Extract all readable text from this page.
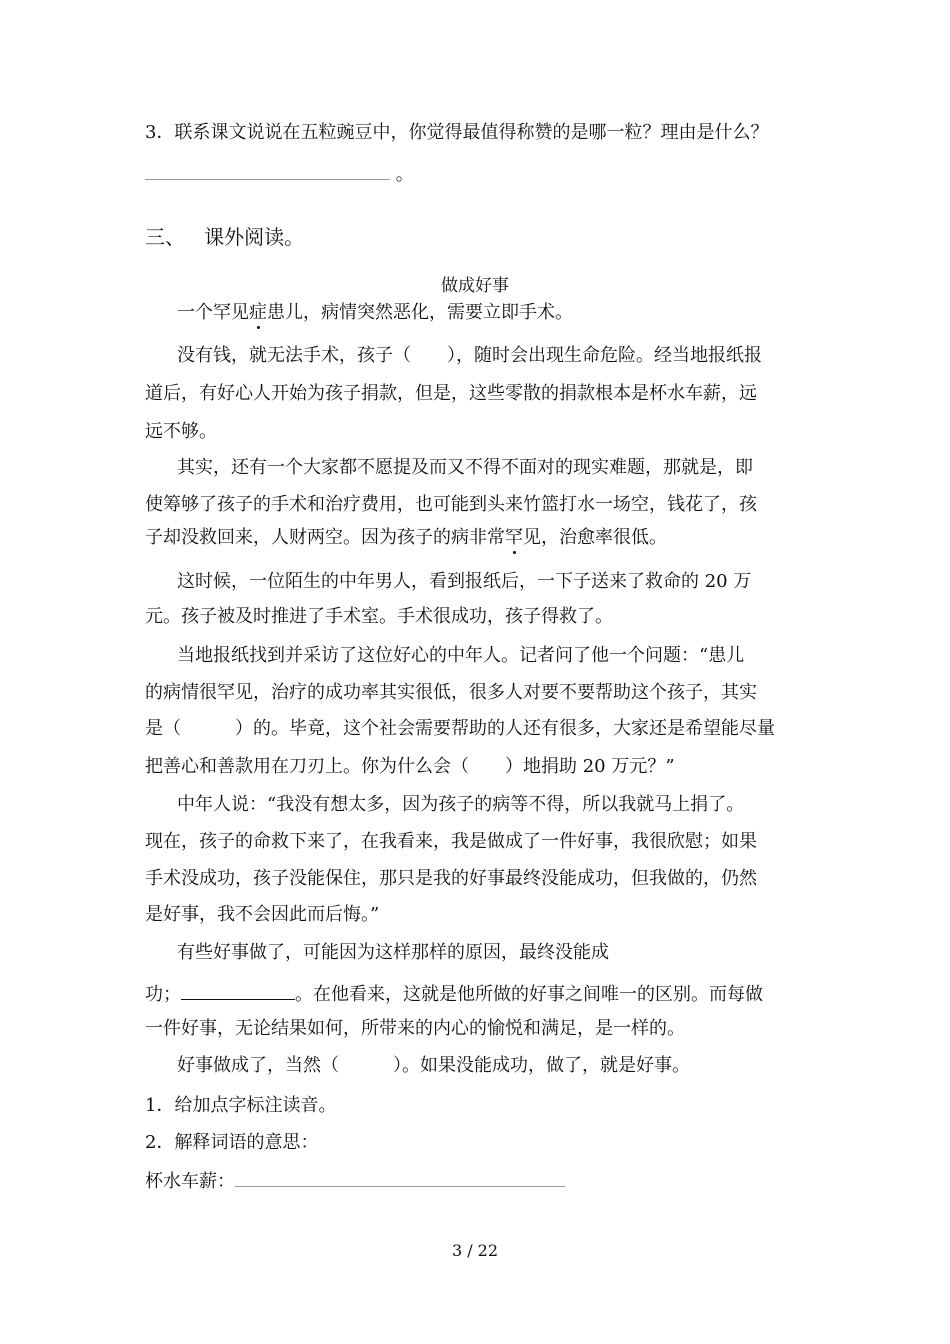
3．联系课文说说在五粒豌豆中，你觉得最值得称赞的是哪一粒？理由是什么？
。
三、 课外阅读。
做成好事
一个罕见症患儿，病情突然恶化，需要立即手术。
没有钱，就无法手术，孩子（　　），随时会出现生命危险。经当地报纸报
道后，有好心人开始为孩子捐款，但是，这些零散的捐款根本是杯水车薪，远
远不够。
其实，还有一个大家都不愿提及而又不得不面对的现实难题，那就是，即
使筹够了孩子的手术和治疗费用，也可能到头来竹篮打水一场空，钱花了，孩
子却没救回来，人财两空。因为孩子的病非常罕见，治愈率很低。
这时候，一位陌生的中年男人，看到报纸后，一下子送来了救命的 20 万
元。孩子被及时推进了手术室。手术很成功，孩子得救了。
当地报纸找到并采访了这位好心的中年人。记者问了他一个问题：“患儿
的病情很罕见，治疗的成功率其实很低，很多人对要不要帮助这个孩子，其实
是（　　　）的。毕竟，这个社会需要帮助的人还有很多，大家还是希望能尽量
把善心和善款用在刀刃上。你为什么会（　　）地捐助 20 万元？”
中年人说：“我没有想太多，因为孩子的病等不得，所以我就马上捐了。
现在，孩子的命救下来了，在我看来，我是做成了一件好事，我很欣慰；如果
手术没成功，孩子没能保住，那只是我的好事最终没能成功，但我做的，仍然
是好事，我不会因此而后悔。”
有些好事做了，可能因为这样那样的原因，最终没能成
功；	。在他看来，这就是他所做的好事之间唯一的区别。而每做
一件好事，无论结果如何，所带来的内心的愉悦和满足，是一样的。
好事做成了，当然（　　　）。如果没能成功，做了，就是好事。
1．给加点字标注读音。
2．解释词语的意思：
杯水车薪：
3 / 22
